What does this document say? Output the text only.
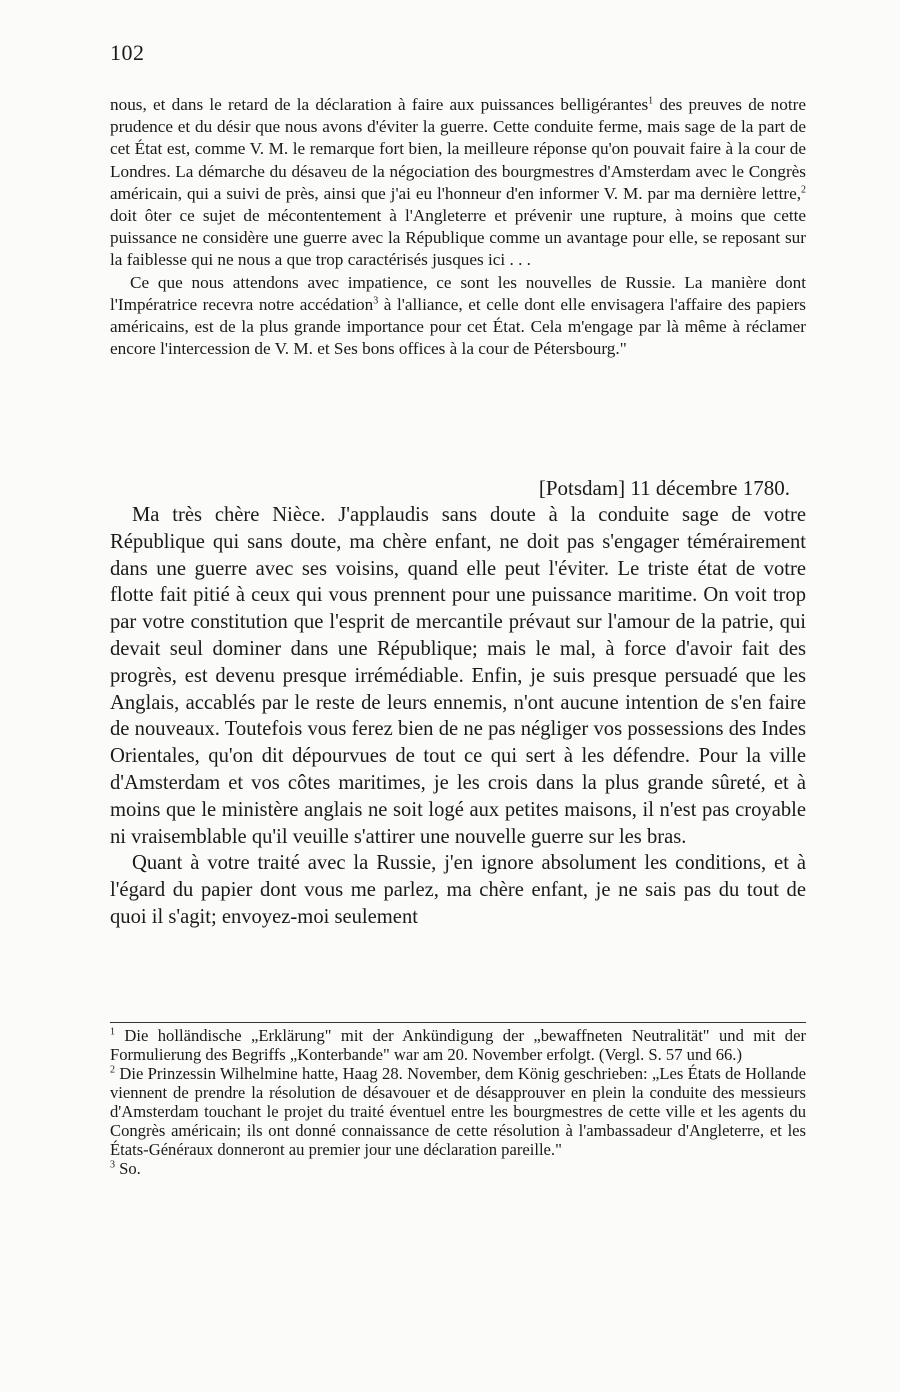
102

nous, et dans le retard de la déclaration à faire aux puissances belligérantes$^1$ des preuves de notre prudence et du désir que nous avons d'éviter la guerre. Cette conduite ferme, mais sage de la part de cet État est, comme V. M. le remarque fort bien, la meilleure réponse qu'on pouvait faire à la cour de Londres. La démarche du désaveu de la négociation des bourgmestres d'Amsterdam avec le Congrès américain, qui a suivi de près, ainsi que j'ai eu l'honneur d'en informer V. M. par ma dernière lettre,$^2$ doit ôter ce sujet de mécontentement à l'Angleterre et prévenir une rupture, à moins que cette puissance ne considère une guerre avec la République comme un avantage pour elle, se reposant sur la faiblesse qui ne nous a que trop caractérisés jusques ici . . .

Ce que nous attendons avec impatience, ce sont les nouvelles de Russie. La manière dont l'Impératrice recevra notre accédation$^3$ à l'alliance, et celle dont elle envisagera l'affaire des papiers américains, est de la plus grande importance pour cet État. Cela m'engage par là même à réclamer encore l'intercession de V. M. et Ses bons offices à la cour de Pétersbourg."

[Potsdam] 11 décembre 1780.

Ma très chère Nièce. J'applaudis sans doute à la conduite sage de votre République qui sans doute, ma chère enfant, ne doit pas s'engager témérairement dans une guerre avec ses voisins, quand elle peut l'éviter. Le triste état de votre flotte fait pitié à ceux qui vous prennent pour une puissance maritime. On voit trop par votre constitution que l'esprit de mercantile prévaut sur l'amour de la patrie, qui devait seul dominer dans une République; mais le mal, à force d'avoir fait des progrès, est devenu presque irrémédiable. Enfin, je suis presque persuadé que les Anglais, accablés par le reste de leurs ennemis, n'ont aucune intention de s'en faire de nouveaux. Toutefois vous ferez bien de ne pas négliger vos possessions des Indes Orientales, qu'on dit dépourvues de tout ce qui sert à les défendre. Pour la ville d'Amsterdam et vos côtes maritimes, je les crois dans la plus grande sûreté, et à moins que le ministère anglais ne soit logé aux petites maisons, il n'est pas croyable ni vraisemblable qu'il veuille s'attirer une nouvelle guerre sur les bras.

Quant à votre traité avec la Russie, j'en ignore absolument les conditions, et à l'égard du papier dont vous me parlez, ma chère enfant, je ne sais pas du tout de quoi il s'agit; envoyez-moi seulement

$^1$ Die holländische „Erklärung" mit der Ankündigung der „bewaffneten Neutralität" und mit der Formulierung des Begriffs „Konterbande" war am 20. November erfolgt. (Vergl. S. 57 und 66.)

$^2$ Die Prinzessin Wilhelmine hatte, Haag 28. November, dem König geschrieben: „Les États de Hollande viennent de prendre la résolution de désavouer et de désapprouver en plein la conduite des messieurs d'Amsterdam touchant le projet du traité éventuel entre les bourgmestres de cette ville et les agents du Congrès américain; ils ont donné connaissance de cette résolution à l'ambassadeur d'Angleterre, et les États-Généraux donneront au premier jour une déclaration pareille."

$^3$ So.
